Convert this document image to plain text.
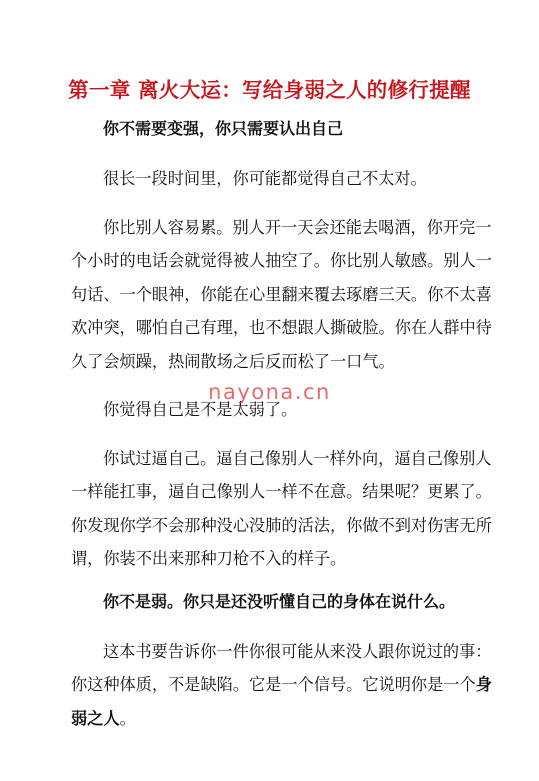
第一章 离火大运：写给身弱之人的修行提醒
你不需要变强，你只需要认出自己
很长一段时间里，你可能都觉得自己不太对。
你比别人容易累。别人开一天会还能去喝酒，你开完一
个小时的电话会就觉得被人抽空了。你比别人敏感。别人一
句话、一个眼神，你能在心里翻来覆去琢磨三天。你不太喜
欢冲突，哪怕自己有理，也不想跟人撕破脸。你在人群中待
久了会烦躁，热闹散场之后反而松了一口气。
你觉得自己是不是太弱了。
你试过逼自己。逼自己像别人一样外向，逼自己像别人
一样能扛事，逼自己像别人一样不在意。结果呢？更累了。
你发现你学不会那种没心没肺的活法，你做不到对伤害无所
谓，你装不出来那种刀枪不入的样子。
你不是弱。你只是还没听懂自己的身体在说什么。
这本书要告诉你一件你很可能从来没人跟你说过的事：
你这种体质，不是缺陷。它是一个信号。它说明你是一个身
弱之人。
nayona.cn
